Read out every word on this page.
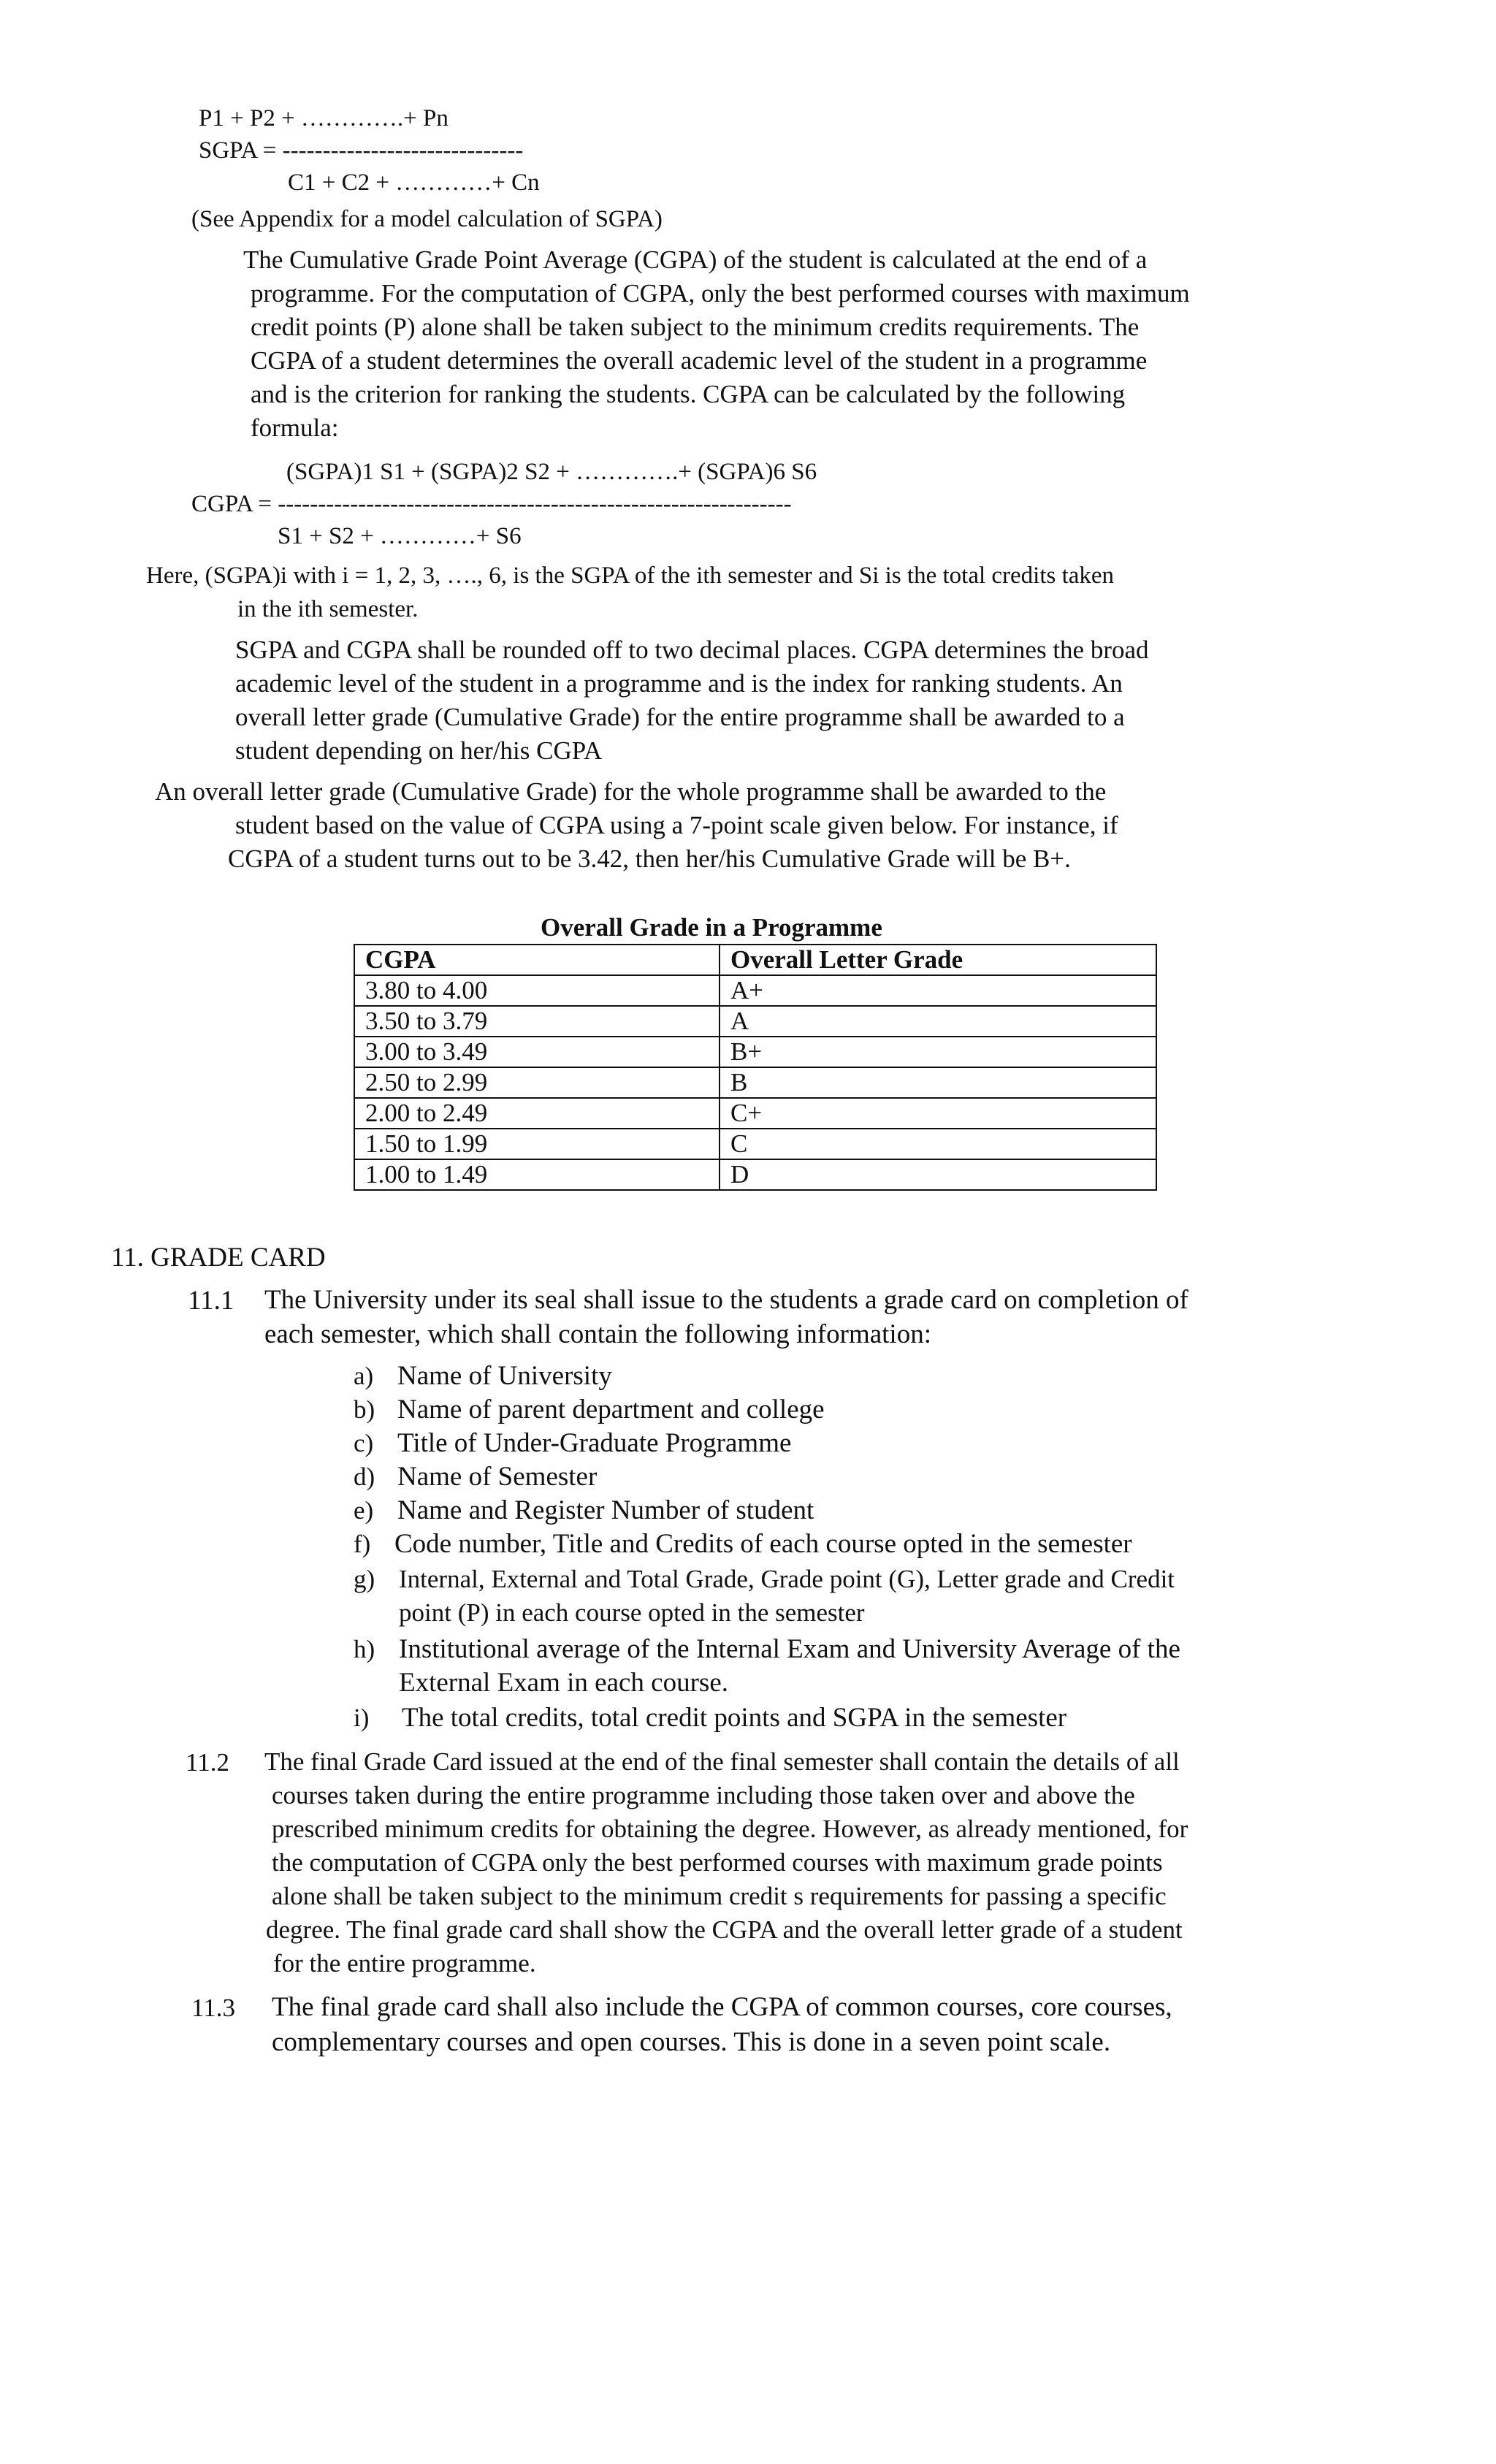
P1 + P2 + ………….+ Pn
SGPA = ------------------------------
C1 + C2 + …………+ Cn
(See Appendix for a model calculation of SGPA)
The Cumulative Grade Point Average (CGPA) of the student is calculated at the end of a
programme. For the computation of CGPA, only the best performed courses with maximum
credit points (P) alone shall be taken subject to the minimum credits requirements. The
CGPA of a student determines the overall academic level of the student in a programme
and is the criterion for ranking the students. CGPA can be calculated by the following
formula:
(SGPA)1 S1 + (SGPA)2 S2 + ………….+ (SGPA)6 S6
CGPA = ----------------------------------------------------------------
S1 + S2 + …………+ S6
Here, (SGPA)i with i = 1, 2, 3, …., 6, is the SGPA of the ith semester and Si is the total credits taken
in the ith semester.
SGPA and CGPA shall be rounded off to two decimal places. CGPA determines the broad
academic level of the student in a programme and is the index for ranking students. An
overall letter grade (Cumulative Grade) for the entire programme shall be awarded to a
student depending on her/his CGPA
An overall letter grade (Cumulative Grade) for the whole programme shall be awarded to the
student based on the value of CGPA using a 7-point scale given below. For instance, if
CGPA of a student turns out to be 3.42, then her/his Cumulative Grade will be B+.
Overall Grade in a Programme
CGPA	Overall Letter Grade
3.80 to 4.00	A+
3.50 to 3.79	A
3.00 to 3.49	B+
2.50 to 2.99	B
2.00 to 2.49	C+
1.50 to 1.99	C
1.00 to 1.49	D
11. GRADE CARD
11.1 The University under its seal shall issue to the students a grade card on completion of
each semester, which shall contain the following information:
a) Name of University
b) Name of parent department and college
c) Title of Under-Graduate Programme
d) Name of Semester
e) Name and Register Number of student
f) Code number, Title and Credits of each course opted in the semester
g) Internal, External and Total Grade, Grade point (G), Letter grade and Credit
point (P) in each course opted in the semester
h) Institutional average of the Internal Exam and University Average of the
External Exam in each course.
i) The total credits, total credit points and SGPA in the semester
11.2 The final Grade Card issued at the end of the final semester shall contain the details of all
courses taken during the entire programme including those taken over and above the
prescribed minimum credits for obtaining the degree. However, as already mentioned, for
the computation of CGPA only the best performed courses with maximum grade points
alone shall be taken subject to the minimum credit s requirements for passing a specific
degree. The final grade card shall show the CGPA and the overall letter grade of a student
for the entire programme.
11.3 The final grade card shall also include the CGPA of common courses, core courses,
complementary courses and open courses. This is done in a seven point scale.
